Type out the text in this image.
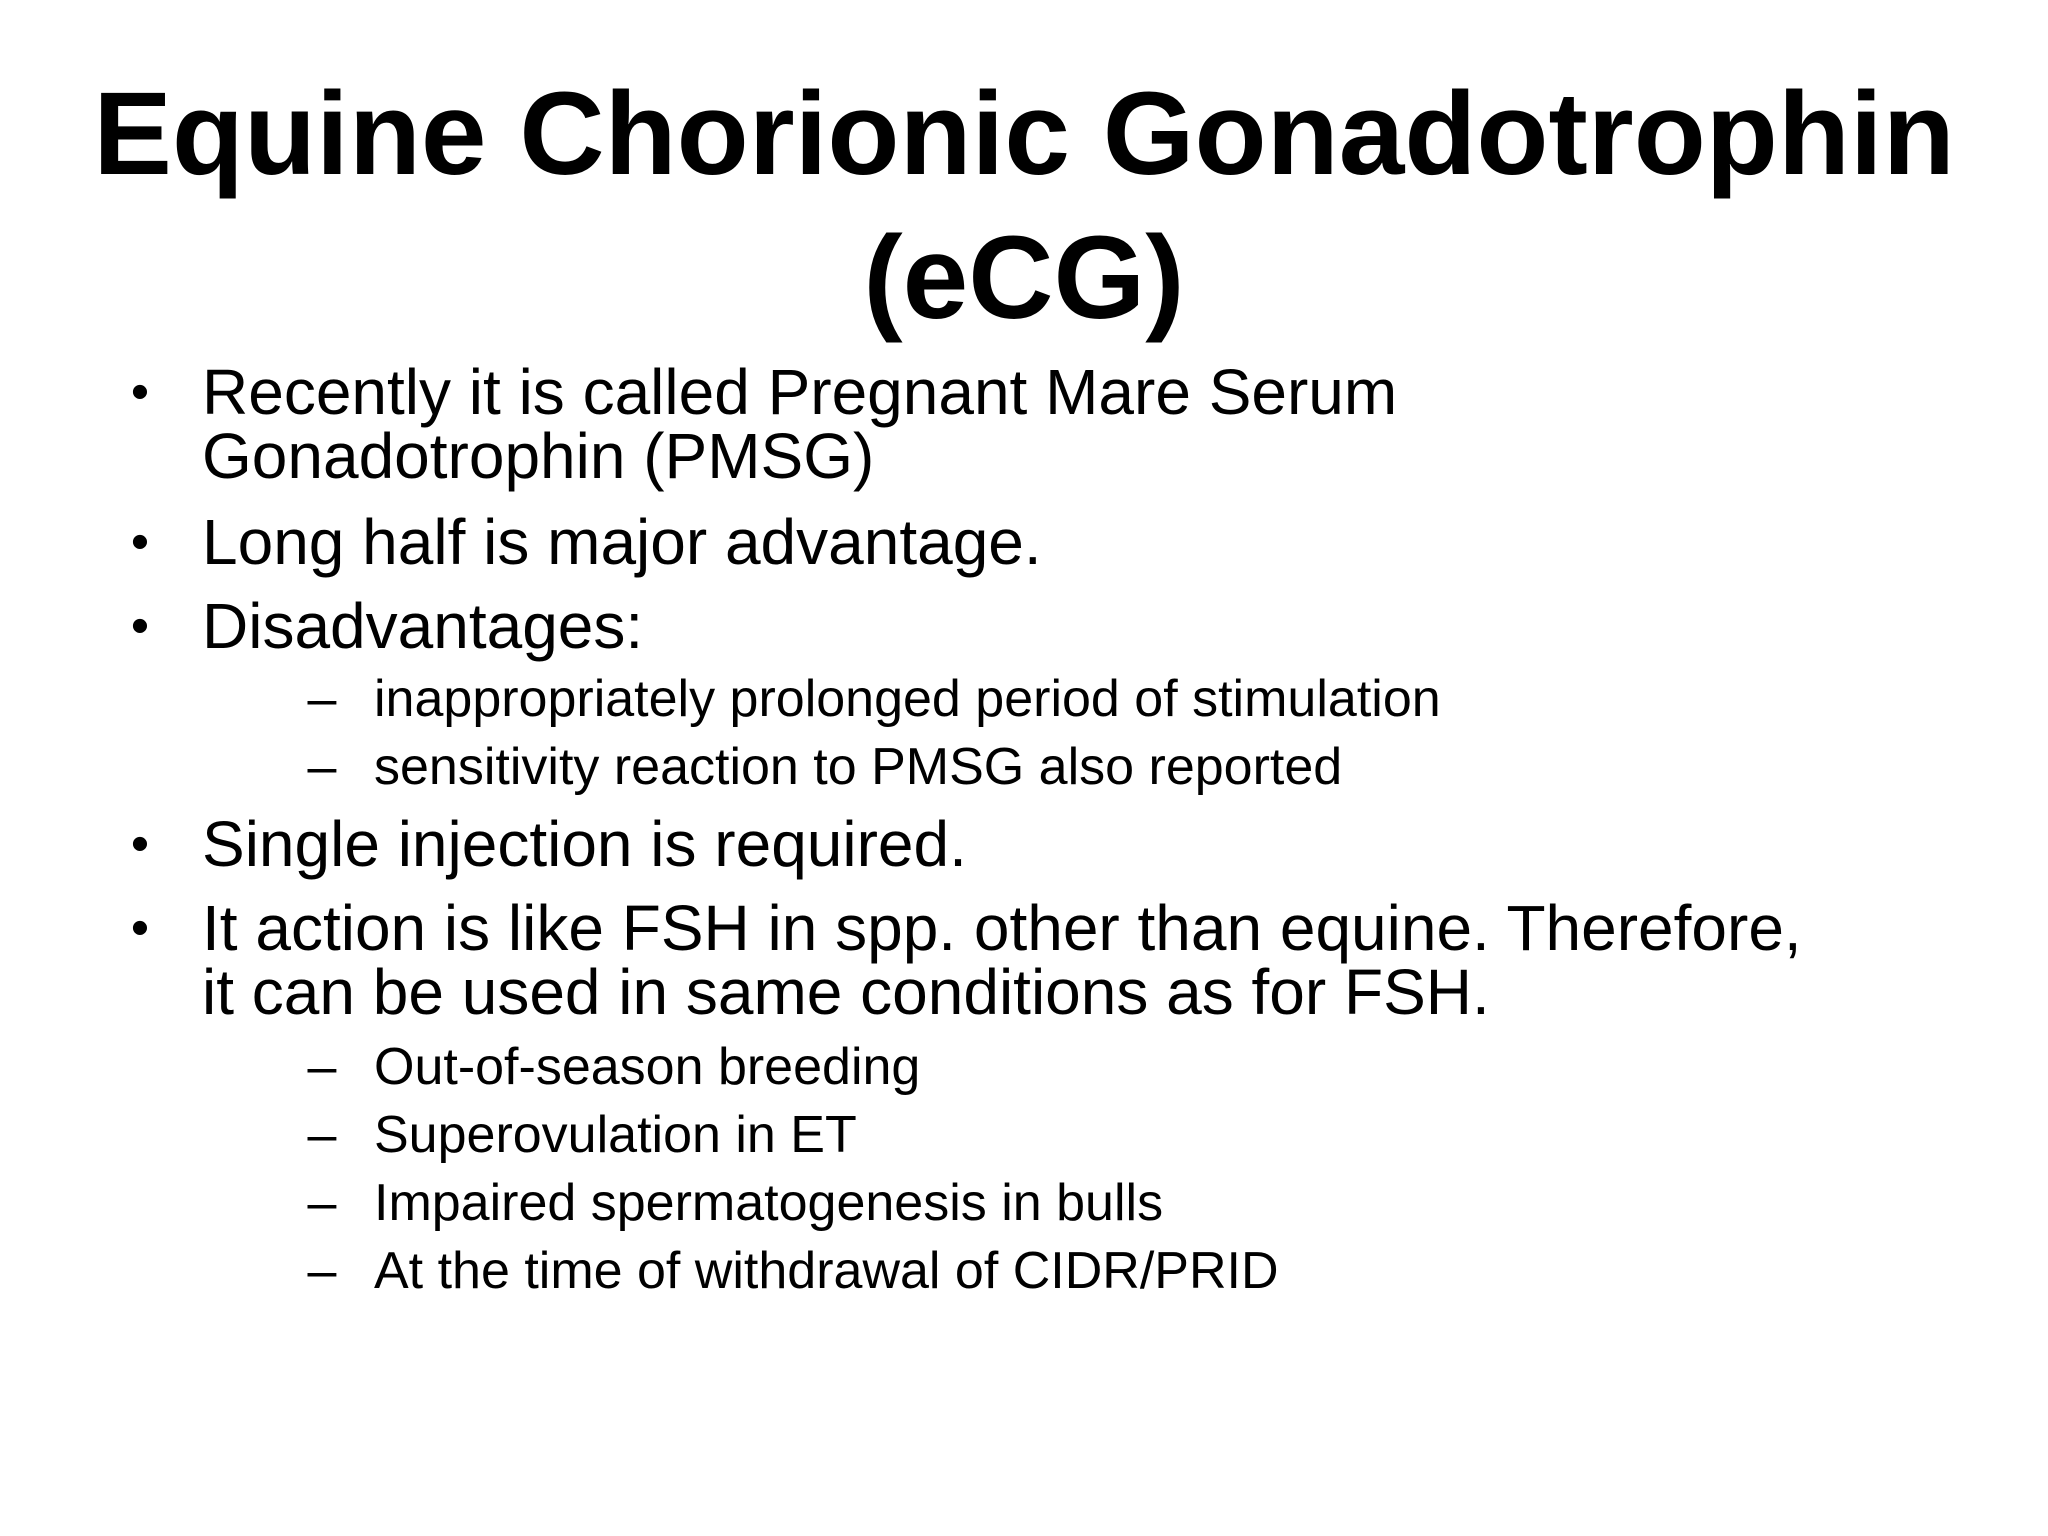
Equine Chorionic Gonadotrophin
(eCG)
• Recently it is called Pregnant Mare Serum
Gonadotrophin (PMSG)
• Long half is major advantage.
• Disadvantages:
– inappropriately prolonged period of stimulation
– sensitivity reaction to PMSG also reported
• Single injection is required.
• It action is like FSH in spp. other than equine. Therefore,
it can be used in same conditions as for FSH.
– Out-of-season breeding
– Superovulation in ET
– Impaired spermatogenesis in bulls
– At the time of withdrawal of CIDR/PRID
